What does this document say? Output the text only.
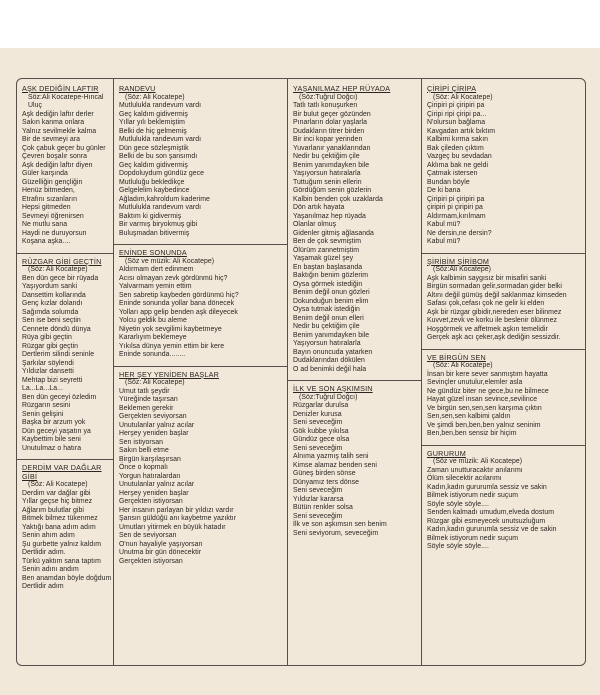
AŞK DEDİĞİN LAFTIR
Söz:Ali Kocatepe-Hıncal Uluç
Aşk dediğin laftır derler
Sakın kanma onlara
Yalnız sevilmekle kalma
Bir de sevmeyi ara
Çok çabuk geçer bu günler
Çevren boşalır sonra
Aşk dediğin laftır diyen
Güler karşında
Güzelliğin gençliğin
Henüz bitmeden,
Etrafını sızanların
Hepsi gitmeden
Sevmeyi öğrenirsen
Ne mutlu sana
Haydi ne duruyorsun
Koşana aşka....
RÜZGAR GİBİ GEÇTİN
(Söz: Ali Kocatepe)
Ben dün gece bir rüyada
Yaşıyordum sanki
Dansettim kollarında
Genç kızlar dolandı
Sağımda solumda
Sen ise beni seçtin
Cennete döndü dünya
Rüya gibi geçtin
Rüzgar gibi geçtin
Dertlerim silindi seninle
Şarkılar söylendi
Yıldızlar dansetti
Mehtap bizi seyretti
La...La...La...
Ben dün geceyi özledim
Rüzgarın sesini
Senin gelişini
Başka bir arzum yok
Dün geceyi yaşatın ya
Kaybettim bile seni
Unutulmaz o hatıra
DERDİM VAR DAĞLAR GİBİ
(Söz: Ali Kocatepe)
Derdim var dağlar gibi
Yıllar geçse hiç bitmez
Ağlarım bulutlar gibi
Bitmek bilmez tükenmez
Yaktığı bana adım adım
Senin ahım adım
Şu gurbette yalnız kaldım
Dertlidir adım.
Türkü yaktım sana taptım
Senin adını andım
Ben anamdan böyle doğdum
Dertlidir adım
RANDEVU
(Söz: Ali Kocatepe)
Mutlulukla randevum vardı
Geç kaldım gidivermiş
Yıllar yılı beklemiştim
Belki de hiç gelmemiş
Mutlulukla randevum vardı
Dün gece sözleşmiştik
Belki de bu son şansımdı
Geç kaldım gidivermiş
Dopdoluydum gündüz gece
Mutluluğu bekledikçe
Gelgelelim kaybedince
Ağladım,kahroldum kaderime
Mutlulukla randevum vardı
Baktım ki gidivermiş
Bir varmış biryokmuş gibi
Buluşmadan bitivermiş
ENİNDE SONUNDA
(Söz ve müzik: Ali Kocatepe)
Aldırmam dert edinmem
Acısı olmayan zevk gördünmü hiç?
Yalvarmam yemin ettim
Sen sabretip kaybeden gördünmü hiç?
Eninde sonunda yollar bana dönecek
Yolları app gelip benden aşk dileyecek
Yolcu geldik bu aleme
Niyetin yok sevgilimi kaybetmeye
Kararlıyım beklemeye
Yıkılsa dünya yemin ettim bir kere
Eninde sonunda........
HER ŞEY YENİDEN BAŞLAR
(Söz: Ali Kocatepe)
Umut tatlı şeydir
Yüreğinde taşırsan
Beklemen gerekir
Gerçekten seviyorsan
Unutulanlar yalnız acılar
Herşey yeniden başlar
Sen istiyorsan
Sakın belli etme
Birgün karşılaşırsan
Önce o kopmalı
Yorgun hatıralardan
Unutulanlar yalnız acılar
Herşey yeniden başlar
Gerçekten istiyorsan
Her insanın parlayan bir yıldızı vardır
Şansın güldüğü anı kaybetme yazıktır
Umutları yitirmek en büyük hatadır
Sen de seviyorsan
O'nun hayaliyle yaşıyorsan
Unutma bir gün dönecektir
Gerçekten istiyorsan
YAŞANILMAZ HEP RÜYADA
(Söz:Tuğrul Doğcı)
Tatlı tatlı konuşurken
Bir bulut geçer gözünden
Pınarların dolar yaşlarla
Dudakların titrer birden
Bir inci kopar yerinden
Yuvarlanır yanaklarından
Nedir bu çektiğim çile
Benim yanımdayken bile
Yaşıyorsun hatıralarla
Tuttuğum senin ellerin
Gördüğüm senin gözlerin
Kalbin benden çok uzaklarda
Dön artık hayata
Yaşanılmaz hep rüyada
Olanlar olmuş
Gidenler gitmiş ağlasanda
Ben de çok sevmiştim
Ölürüm zannetmiştim
Yaşamak güzel şey
En baştan başlasanda
Baktığın benim gözlerim
Oysa görmek istediğin
Benim değil onun gözleri
Dokunduğun benim elim
Oysa tutmak istediğin
Benim değil onun elleri
Nedir bu çektiğim çile
Benim yanımdayken bile
Yaşıyorsun hatıralarla
Bayın onuncuda yatarken
Dudaklarından dökülen
O ad benimki değil hala
İLK VE SON AŞKIMSIN
(Söz:Tuğrul Doğcı)
Rüzgarlar durulsa
Denizler kurusa
Seni seveceğim
Gök kubbe yıkılsa
Gündüz gece olsa
Seni seveceğim
Alnıma yazmış talih seni
Kimse alamaz benden seni
Güneş birden sönse
Dünyamız ters dönse
Seni seveceğim
Yıldızlar kararsa
Bütün renkler solsa
Seni seveceğim
İlk ve son aşkımsın sen benim
Seni seviyorum, seveceğim
ÇİRİPİ ÇİRİPA
(Söz: Ali Kocatepe)
Çiripiri pi çiripiri pa
Çiripi ripi çiripi pa...
N'olursun bağlama
Kavgadan artık bıktım
Kalbimi kırma sakın
Bak çileden çıktım
Vazgeç bu sevdadan
Aklıma bak ne geldi
Çatmak istersen
Bundan böyle
De ki bana
Çiripiri pi çiripiri pa
çiripiri pi çiripiri pa
Aldırmam,kırılmam
Kabul mü?
Ne dersin,ne dersin?
Kabul mü?
ŞİRİBİM ŞİRİBOM
(Söz:Ali Kocatepe)
Aşk kalbimin saygısız bir misafiri sanki
Birgün sormadan gelir,sormadan gider belki
Altını değil gümüş değil saklanmaz kimseden
Safası çok,cefası çok ne gelir ki elden
Aşk bir rüzgar gibidir,nereden eser bilinmez
Kuvvet,zevk ve korku ile beslenir ölünmez
Hoşgörmek ve affetmek aşkın temelidir
Gerçek aşk acı çeker,aşk dediğin sessizdir.
VE BİRGÜN SEN
(Söz: Ali Kocatepe)
İnsan bir kere sever sanmıştım hayatta
Sevinçler unutulur,elemler asla
Ne gündüz biter ne gece,bu ne bilmece
Hayat güzel insan sevince,sevilince
Ve birgün sen,sen,sen karşıma çıktın
Sen,sen,sen kalbimi çaldın
Ve şimdi ben,ben,ben yalnız seninim
Ben,ben,ben sensiz bir hiçim
GURURUM
(Söz ve müzik: Ali Kocatepe)
Zaman unutturacaktır anılarımı
Ölüm silecektir acılarımı
Kadın,kadın gururumla sessiz ve sakin
Bilmek istiyorum nedir suçum
Söyle söyle söyle....
Senden kalmadı umudum,elveda dostum
Rüzgar gibi esmeyecek unutsuzluğum
Kadın,kadın gururumla sessiz ve de sakin
Bilmek istiyorum nedir suçum
Söyle söyle söyle....
